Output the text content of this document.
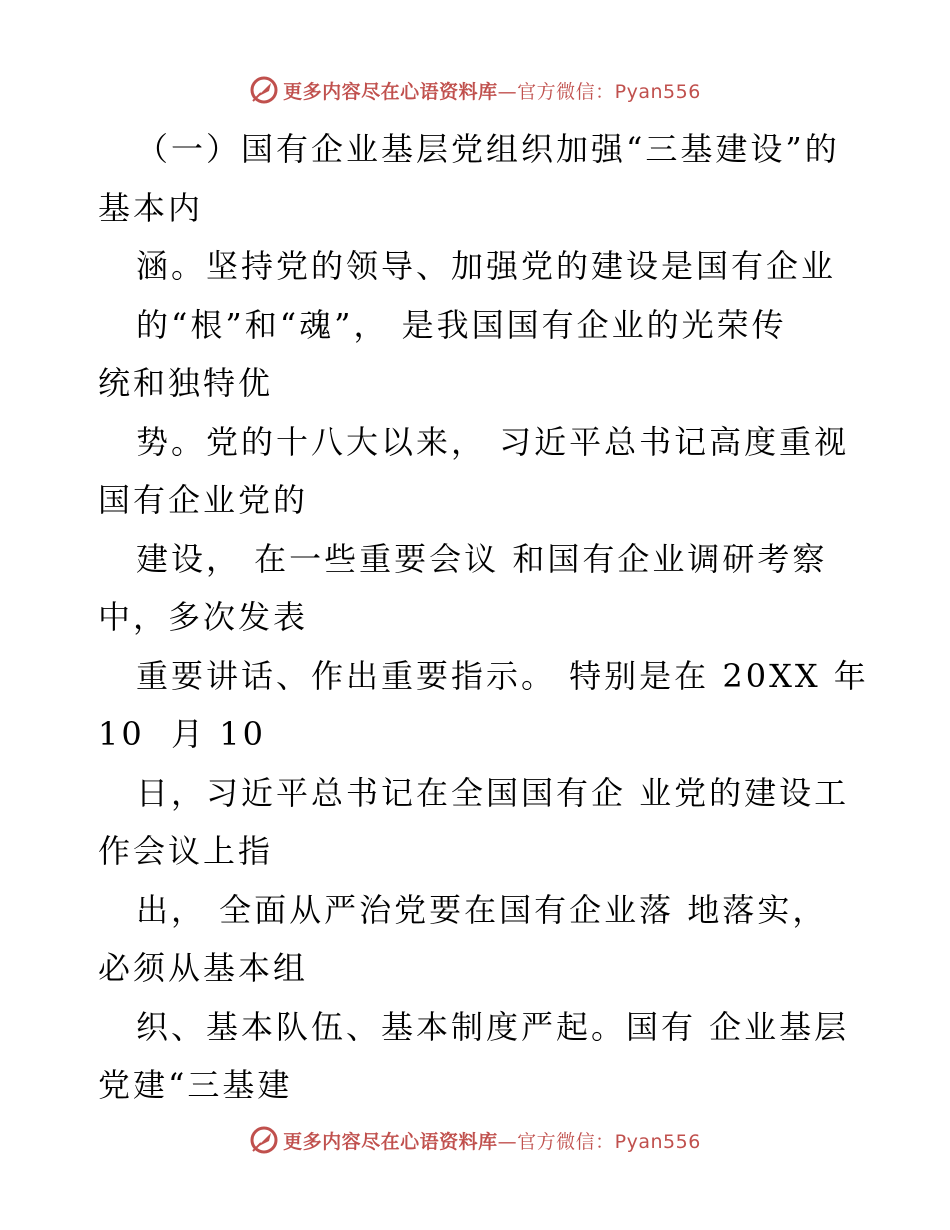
更多内容尽在心语资料库—官方微信：Pyan556
（一）国有企业基层党组织加强“三基建设”的
基本内
涵。坚持党的领导、加强党的建设是国有企业
的“根”和“魂”， 是我国国有企业的光荣传
统和独特优
势。党的十八大以来， 习近平总书记高度重视
国有企业党的
建设， 在一些重要会议 和国有企业调研考察
中，多次发表
重要讲话、作出重要指示。 特别是在 20XX 年
10  月 10
日，习近平总书记在全国国有企 业党的建设工
作会议上指
出， 全面从严治党要在国有企业落 地落实，
必须从基本组
织、基本队伍、基本制度严起。国有 企业基层
党建“三基建
更多内容尽在心语资料库—官方微信：Pyan556
